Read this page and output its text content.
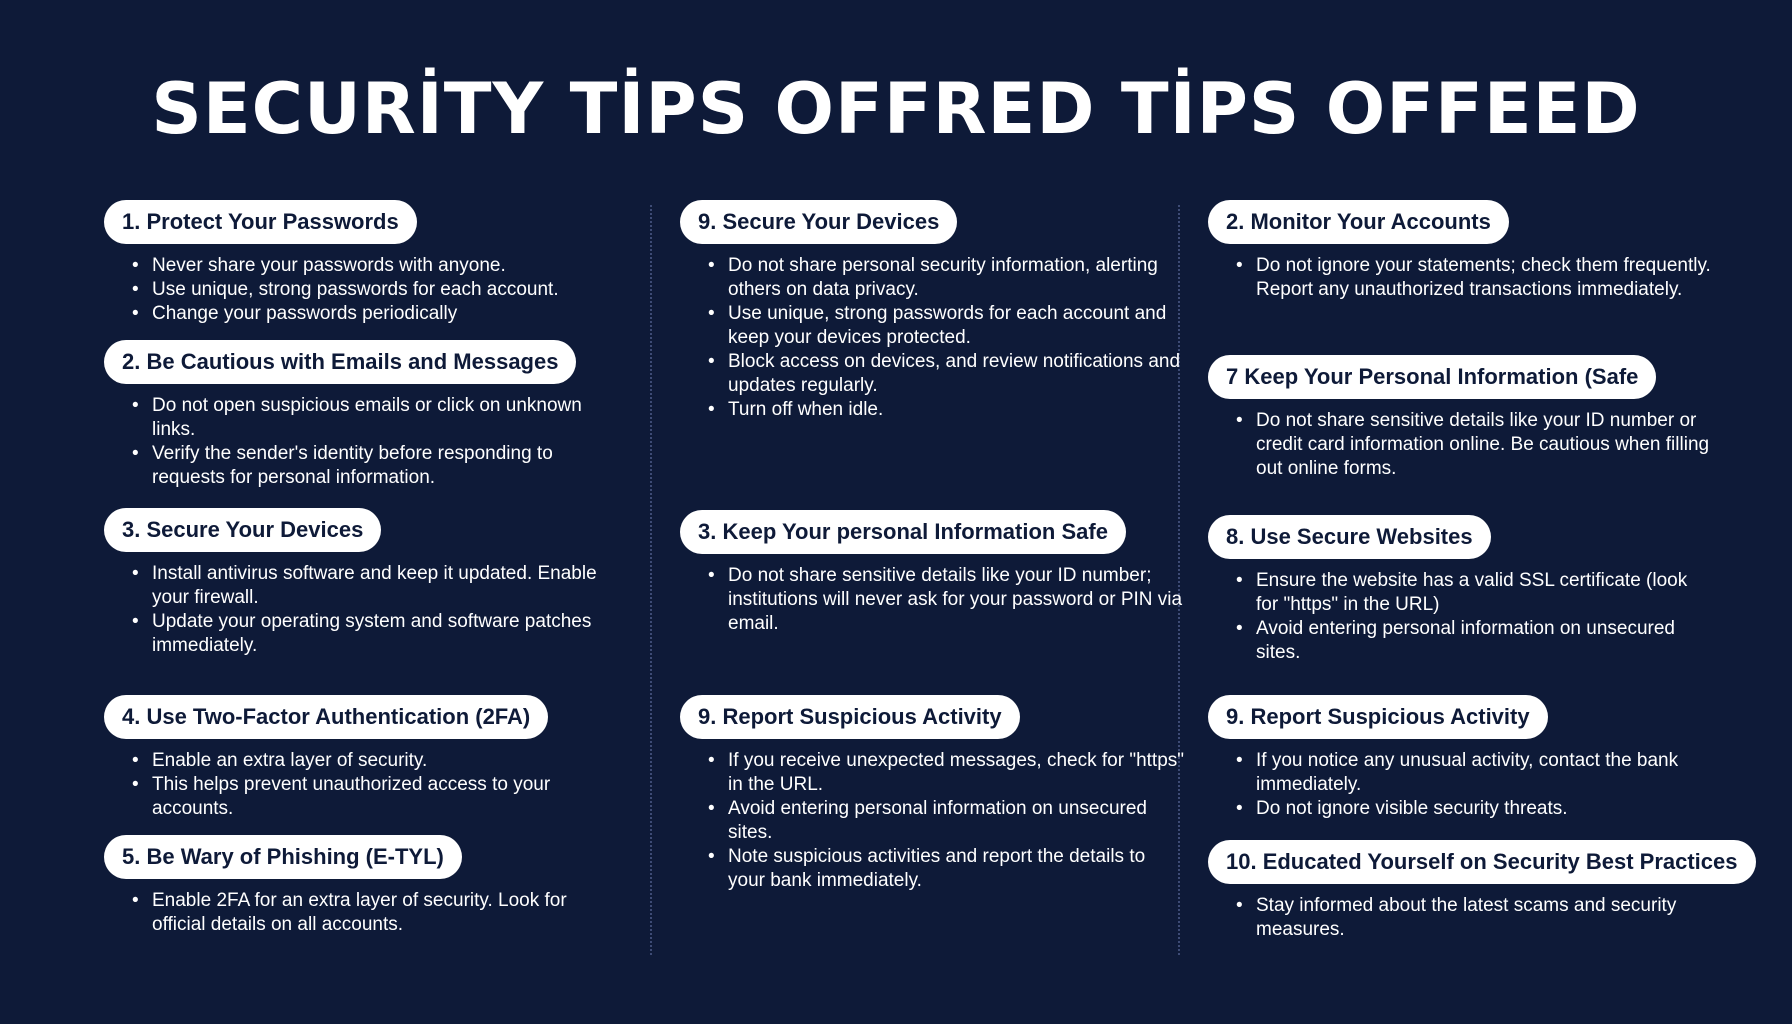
SECURİTY TİPS OFFRED TİPS OFFEED
1. Protect Your Passwords
• Never share your passwords with anyone.
• Use unique, strong passwords for each account.
• Change your passwords periodically
2. Be Cautious with Emails and Messages
• Do not open suspicious emails or click on unknown links.
• Verify the sender's identity before responding to requests for personal information.
3. Secure Your Devices
• Install antivirus software and keep it updated. Enable your firewall.
• Update your operating system and software patches immediately.
4. Use Two-Factor Authentication (2FA)
• Enable an extra layer of security.
• This helps prevent unauthorized access to your accounts.
5. Be Wary of Phishing (E-TYL)
• Enable 2FA for an extra layer of security. Look for official details on all accounts.
9. Secure Your Devices
• Do not share personal security information, alerting others on data privacy.
• Use unique, strong passwords for each account and keep your devices protected.
• Block access on devices, and review notifications and updates regularly.
• Turn off when idle.
3. Keep Your personal Information Safe
• Do not share sensitive details like your ID number; institutions will never ask for your password or PIN via email.
9. Report Suspicious Activity
• If you receive unexpected messages, check for "https" in the URL.
• Avoid entering personal information on unsecured sites.
• Note suspicious activities and report the details to your bank immediately.
2. Monitor Your Accounts
• Do not ignore your statements; check them frequently. Report any unauthorized transactions immediately.
7 Keep Your Personal Information (Safe
• Do not share sensitive details like your ID number or credit card information online. Be cautious when filling out online forms.
8. Use Secure Websites
• Ensure the website has a valid SSL certificate (look for "https" in the URL)
• Avoid entering personal information on unsecured sites.
9. Report Suspicious Activity
• If you notice any unusual activity, contact the bank immediately.
• Do not ignore visible security threats.
10. Educated Yourself on Security Best Practices
• Stay informed about the latest scams and security measures.
